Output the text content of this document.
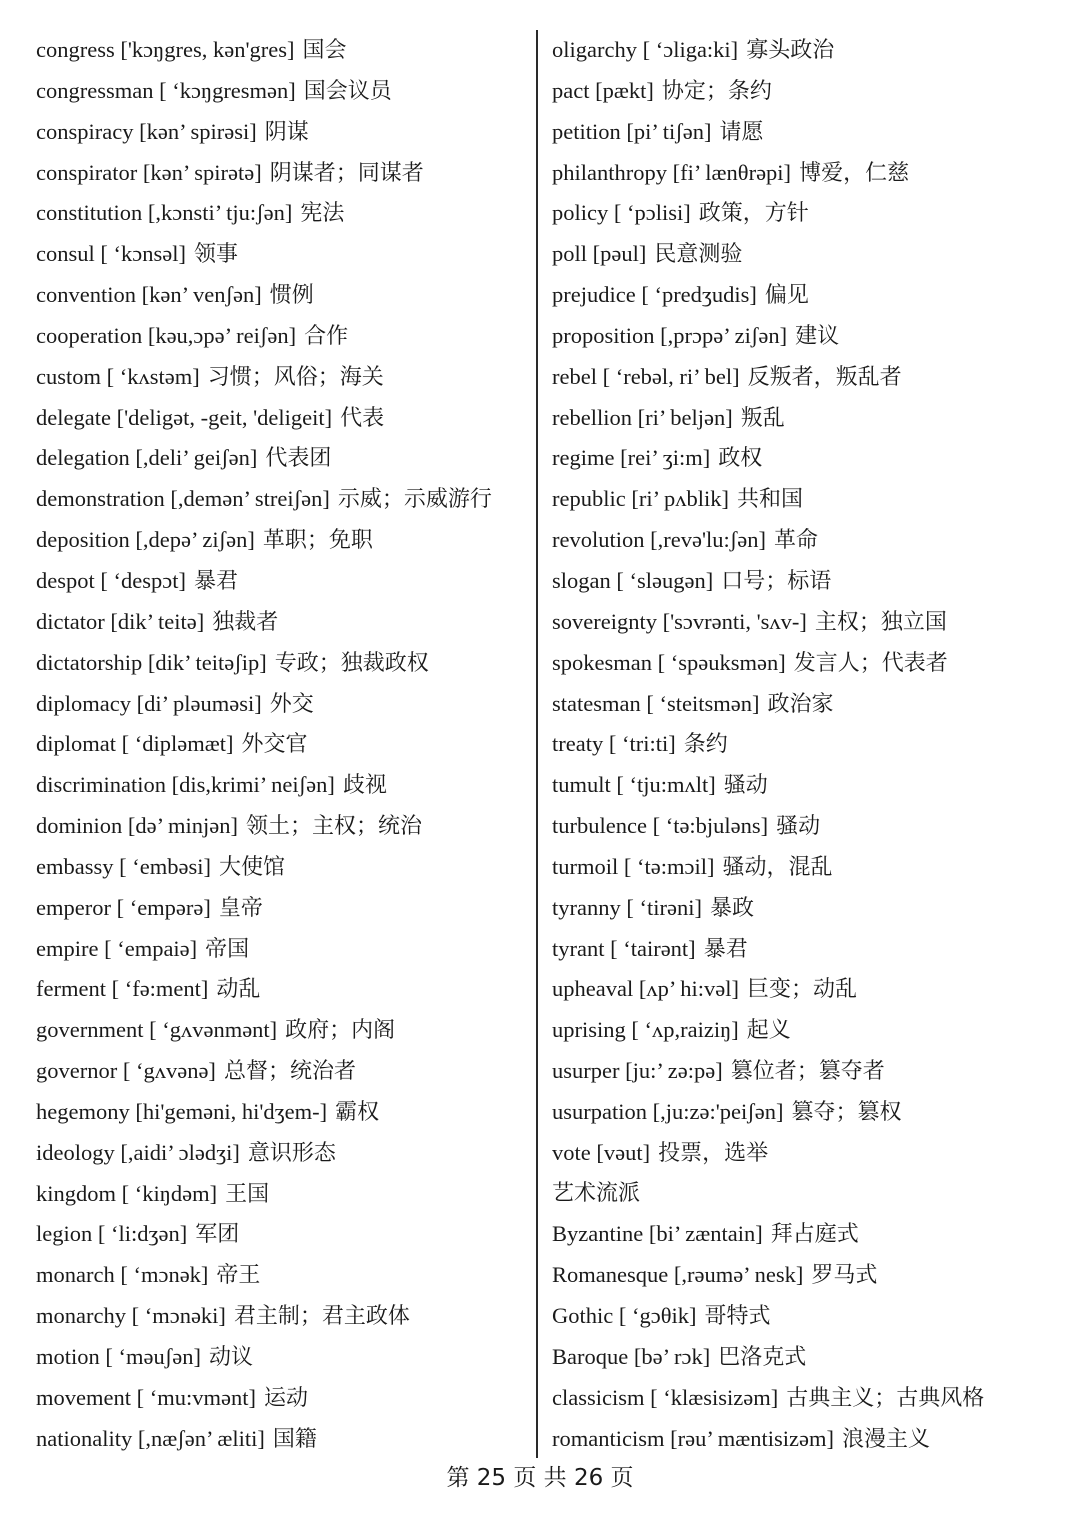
congress ['kɔŋgres, kən'gres] 国会
congressman [ ‘kɔŋgresmən] 国会议员
conspiracy [kən’ spirəsi] 阴谋
conspirator [kən’ spirətə] 阴谋者；同谋者
constitution [,kɔnsti’ tju:ʃən] 宪法
consul [ ‘kɔnsəl] 领事
convention [kən’ venʃən] 惯例
cooperation [kəu,ɔpə’ reiʃən] 合作
custom [ ‘kʌstəm] 习惯；风俗；海关
delegate ['deligət, -geit, 'deligeit] 代表
delegation [,deli’ geiʃən] 代表团
demonstration [,demən’ streiʃən] 示威；示威游行
deposition [,depə’ ziʃən] 革职；免职
despot [ ‘despɔt] 暴君
dictator [dik’ teitə] 独裁者
dictatorship [dik’ teitəʃip] 专政；独裁政权
diplomacy [di’ pləuməsi] 外交
diplomat [ ‘dipləmæt] 外交官
discrimination [dis,krimi’ neiʃən] 歧视
dominion [də’ minjən] 领土；主权；统治
embassy [ ‘embəsi] 大使馆
emperor [ ‘empərə] 皇帝
empire [ ‘empaiə] 帝国
ferment [ ‘fə:ment] 动乱
government [ ‘gʌvənmənt] 政府；内阁
governor [ ‘gʌvənə] 总督；统治者
hegemony [hi'geməni, hi'dʒem-] 霸权
ideology [,aidi’ ɔlədʒi] 意识形态
kingdom [ ‘kiŋdəm] 王国
legion [ ‘li:dʒən] 军团
monarch [ ‘mɔnək] 帝王
monarchy [ ‘mɔnəki] 君主制；君主政体
motion [ ‘məuʃən] 动议
movement [ ‘mu:vmənt] 运动
nationality [,næʃən’ æliti] 国籍
oligarchy [ ‘ɔliga:ki] 寡头政治
pact [pækt] 协定；条约
petition [pi’ tiʃən] 请愿
philanthropy [fi’ lænθrəpi] 博爱，仁慈
policy [ ‘pɔlisi] 政策，方针
poll [pəul] 民意测验
prejudice [ ‘predʒudis] 偏见
proposition [,prɔpə’ ziʃən] 建议
rebel [ ‘rebəl, ri’ bel] 反叛者，叛乱者
rebellion [ri’ beljən] 叛乱
regime [rei’ ʒi:m] 政权
republic [ri’ pʌblik] 共和国
revolution [,revə'lu:ʃən] 革命
slogan [ ‘sləugən] 口号；标语
sovereignty ['sɔvrənti, 'sʌv-] 主权；独立国
spokesman [ ‘spəuksmən] 发言人；代表者
statesman [ ‘steitsmən] 政治家
treaty [ ‘tri:ti] 条约
tumult [ ‘tju:mʌlt] 骚动
turbulence [ ‘tə:bjuləns] 骚动
turmoil [ ‘tə:mɔil] 骚动，混乱
tyranny [ ‘tirəni] 暴政
tyrant [ ‘tairənt] 暴君
upheaval [ʌp’ hi:vəl] 巨变；动乱
uprising [ ‘ʌp,raiziŋ] 起义
usurper [ju:’ zə:pə] 篡位者；篡夺者
usurpation [,ju:zə:'peiʃən] 篡夺；篡权
vote [vəut] 投票，选举
艺术流派
Byzantine [bi’ zæntain] 拜占庭式
Romanesque [,rəumə’ nesk] 罗马式
Gothic [ ‘gɔθik] 哥特式
Baroque [bə’ rɔk] 巴洛克式
classicism [ ‘klæsisizəm] 古典主义；古典风格
romanticism [rəu’ mæntisizəm] 浪漫主义
第 25 页 共 26 页
